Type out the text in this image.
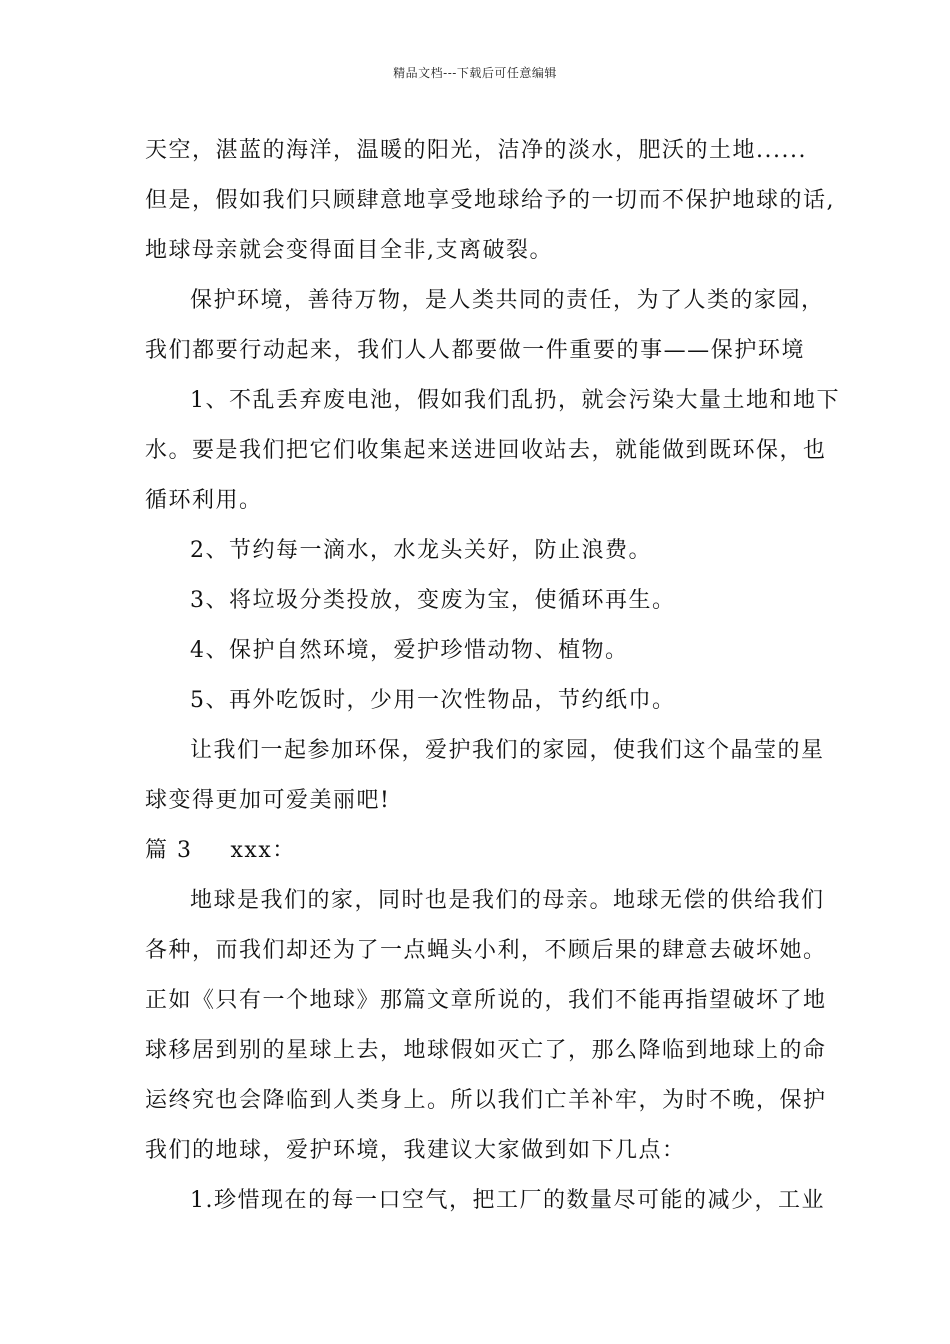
精品文档---下载后可任意编辑
天空，湛蓝的海洋，温暖的阳光，洁净的淡水，肥沃的土地......
但是，假如我们只顾肆意地享受地球给予的一切而不保护地球的话,
地球母亲就会变得面目全非,支离破裂。
保护环境，善待万物，是人类共同的责任，为了人类的家园，
我们都要行动起来，我们人人都要做一件重要的事——保护环境
1、不乱丢弃废电池，假如我们乱扔，就会污染大量土地和地下
水。要是我们把它们收集起来送进回收站去，就能做到既环保，也
循环利用。
2、节约每一滴水，水龙头关好，防止浪费。
3、将垃圾分类投放，变废为宝，使循环再生。
4、保护自然环境，爱护珍惜动物、植物。
5、再外吃饭时，少用一次性物品，节约纸巾。
让我们一起参加环保，爱护我们的家园，使我们这个晶莹的星
球变得更加可爱美丽吧!
篇 3 xxx：
地球是我们的家，同时也是我们的母亲。地球无偿的供给我们
各种，而我们却还为了一点蝇头小利，不顾后果的肆意去破坏她。
正如《只有一个地球》那篇文章所说的，我们不能再指望破坏了地
球移居到别的星球上去，地球假如灭亡了，那么降临到地球上的命
运终究也会降临到人类身上。所以我们亡羊补牢，为时不晚，保护
我们的地球，爱护环境，我建议大家做到如下几点：
1.珍惜现在的每一口空气，把工厂的数量尽可能的减少，工业
